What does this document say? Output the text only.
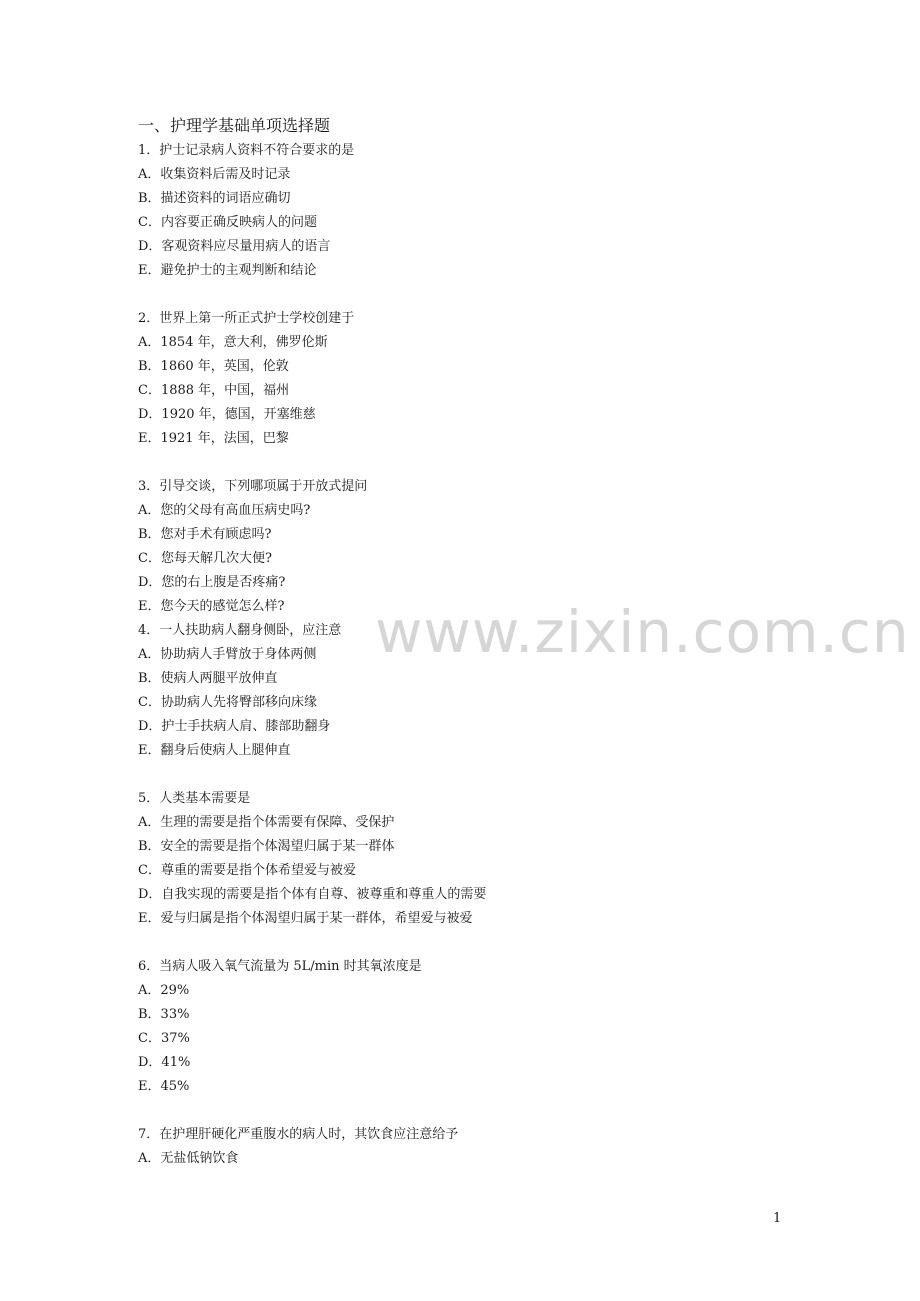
一、护理学基础单项选择题
1．护士记录病人资料不符合要求的是
A．收集资料后需及时记录
B．描述资料的词语应确切
C．内容要正确反映病人的问题
D．客观资料应尽量用病人的语言
E．避免护士的主观判断和结论
2．世界上第一所正式护士学校创建于
A．1854 年，意大利，佛罗伦斯
B．1860 年，英国，伦敦
C．1888 年，中国，福州
D．1920 年，德国，开塞维慈
E．1921 年，法国，巴黎
3．引导交谈，下列哪项属于开放式提问
A．您的父母有高血压病史吗?
B．您对手术有顾虑吗?
C．您每天解几次大便?
D．您的右上腹是否疼痛?
E．您今天的感觉怎么样?
4．一人扶助病人翻身侧卧，应注意
A．协助病人手臂放于身体两侧
B．使病人两腿平放伸直
C．协助病人先将臀部移向床缘
D．护士手扶病人肩、膝部助翻身
E．翻身后使病人上腿伸直
5．人类基本需要是
A．生理的需要是指个体需要有保障、受保护
B．安全的需要是指个体渴望归属于某一群体
C．尊重的需要是指个体希望爱与被爱
D．自我实现的需要是指个体有自尊、被尊重和尊重人的需要
E．爱与归属是指个体渴望归属于某一群体，希望爱与被爱
6．当病人吸入氧气流量为 5L/min 时其氧浓度是
A．29%
B．33%
C．37%
D．41%
E．45%
7．在护理肝硬化严重腹水的病人时，其饮食应注意给予
A．无盐低钠饮食
www.zixin.com.cn
1
